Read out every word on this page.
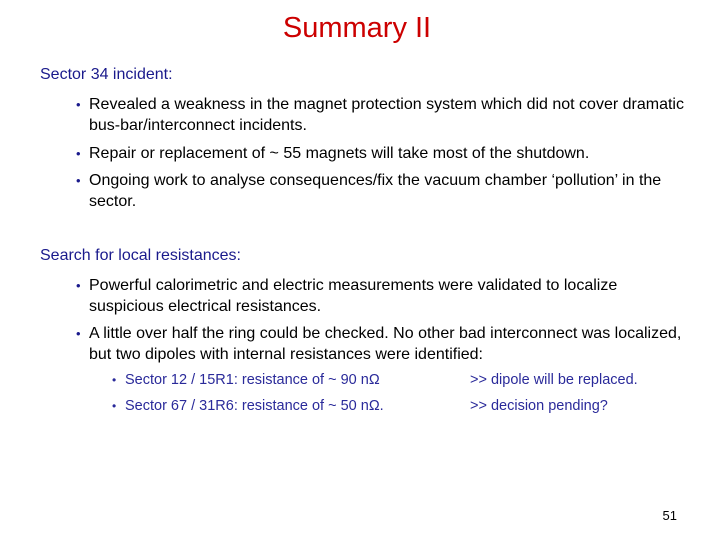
Summary II
Sector 34 incident:
• Revealed a weakness in the magnet protection system which did not cover dramatic bus-bar/interconnect incidents.
• Repair or replacement of ~ 55 magnets will take most of the shutdown.
• Ongoing work to analyse consequences/fix the vacuum chamber ‘pollution’ in the sector.
Search for local resistances:
• Powerful calorimetric and electric measurements were validated to localize suspicious electrical resistances.
• A little over half the ring could be checked. No other bad interconnect was localized, but two dipoles with internal resistances were identified:
• Sector 12 / 15R1: resistance of ~ 90 nΩ	>> dipole will be replaced.
• Sector 67 / 31R6: resistance of ~ 50 nΩ.	>> decision pending?
51
